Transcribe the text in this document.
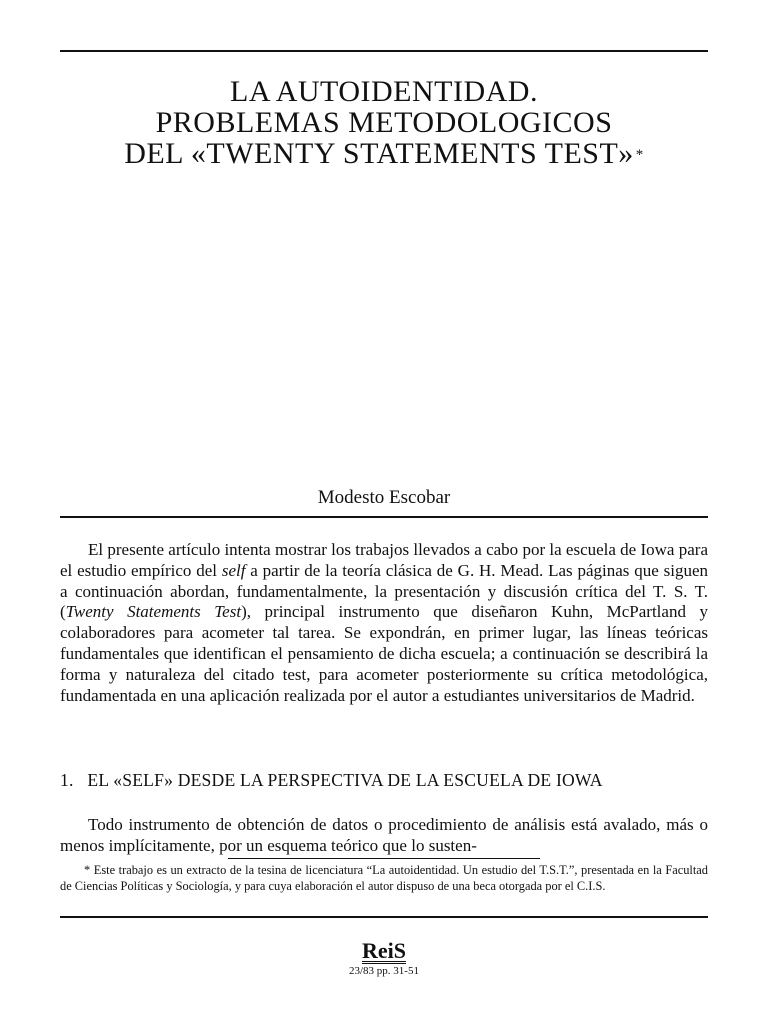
LA AUTOIDENTIDAD.
PROBLEMAS METODOLOGICOS
DEL «TWENTY STATEMENTS TEST» *
Modesto Escobar

El presente artículo intenta mostrar los trabajos llevados a cabo por la escuela de Iowa para el estudio empírico del self a partir de la teoría clásica de G. H. Mead. Las páginas que siguen a continuación abordan, fundamentalmente, la presentación y discusión crítica del T. S. T. (Twenty Statements Test), principal instrumento que diseñaron Kuhn, McPartland y colaboradores para acometer tal tarea. Se expondrán, en primer lugar, las líneas teóricas fundamentales que identifican el pensamiento de dicha escuela; a continuación se describirá la forma y naturaleza del citado test, para acometer posteriormente su crítica metodológica, fundamentada en una aplicación realizada por el autor a estudiantes universitarios de Madrid.

1. EL «SELF» DESDE LA PERSPECTIVA DE LA ESCUELA DE IOWA

Todo instrumento de obtención de datos o procedimiento de análisis está avalado, más o menos implícitamente, por un esquema teórico que lo susten-

* Este trabajo es un extracto de la tesina de licenciatura “La autoidentidad. Un estudio del T.S.T.”, presentada en la Facultad de Ciencias Políticas y Sociología, y para cuya elaboración el autor dispuso de una beca otorgada por el C.I.S.

ReiS
23/83 pp. 31-51
